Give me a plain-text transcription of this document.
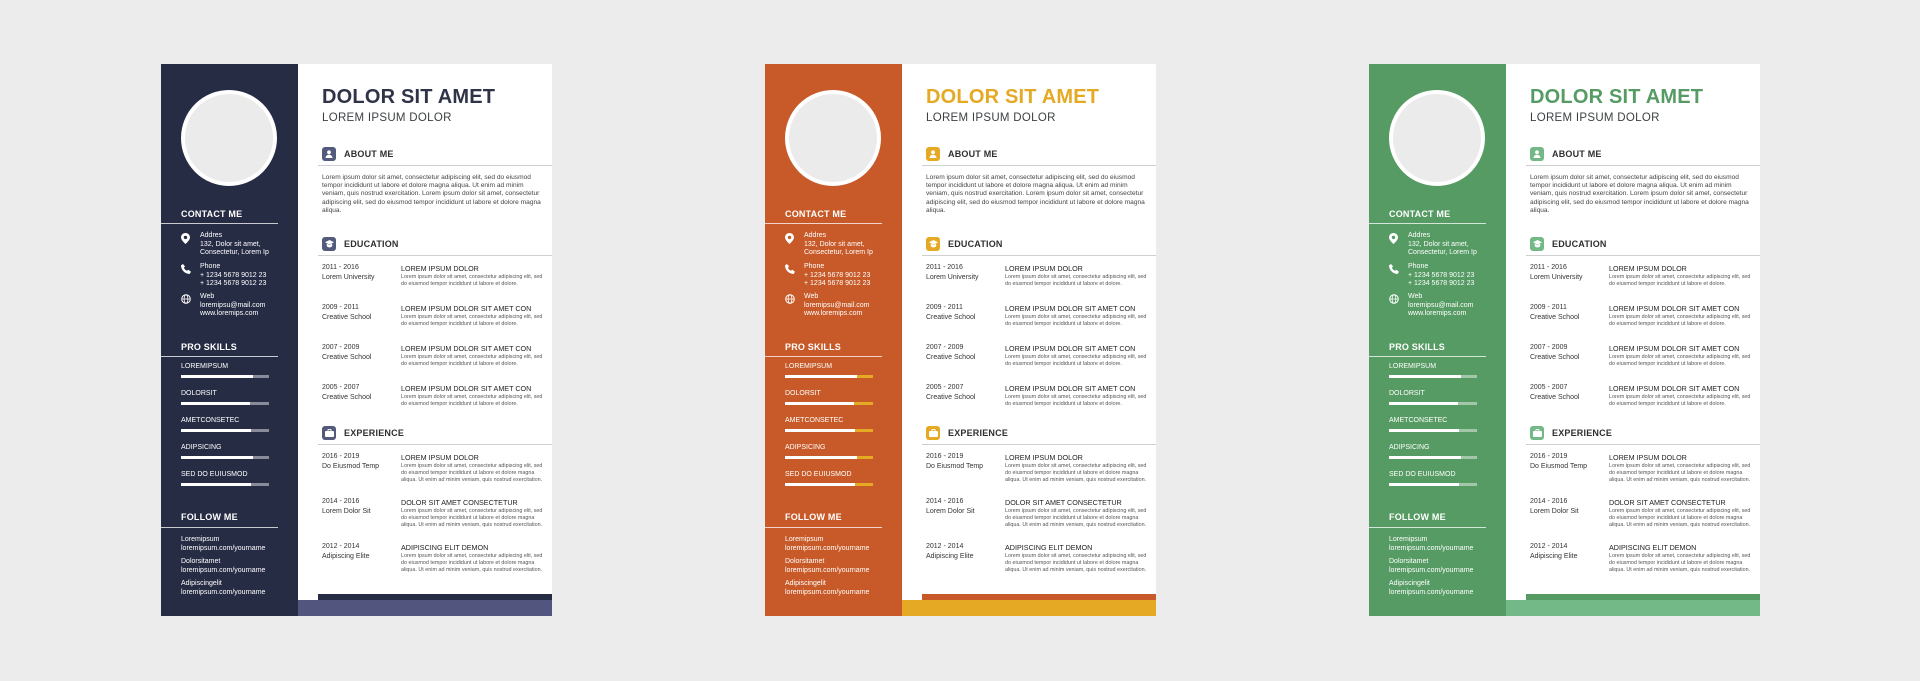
CONTACT ME
Addres
132, Dolor sit amet,
Consectetur, Lorem Ip
Phone
+ 1234 5678 9012 23
+ 1234 5678 9012 23
Web
loremipsu@mail.com
www.loremips.com
PRO SKILLS
LOREMIPSUM
DOLORSIT
AMETCONSETEC
ADIPSICING
SED DO EUIUSMOD
FOLLOW ME
Loremipsum
loremipsum.com/yourname
Dolorsitamet
loremipsum.com/yourname
Adipiscingelit
loremipsum.com/yourname
DOLOR SIT AMET
LOREM IPSUM DOLOR
ABOUT ME
Lorem ipsum dolor sit amet, consectetur adipiscing elit, sed do eiusmod tempor incididunt ut labore et dolore magna aliqua. Ut enim ad minim veniam, quis nostrud exercitation. Lorem ipsum dolor sit amet, consectetur adipiscing elit, sed do eiusmod tempor incididunt ut labore et dolore magna aliqua.
EDUCATION
2011 - 2016
Lorem University
LOREM IPSUM DOLOR
Lorem ipsum dolor sit amet, consectetur adipiscing elit, sed do eiusmod tempor incididunt ut labore et dolore.
2009 - 2011
Creative School
LOREM IPSUM DOLOR SIT AMET CON
Lorem ipsum dolor sit amet, consectetur adipiscing elit, sed do eiusmod tempor incididunt ut labore et dolore.
2007 - 2009
Creative School
LOREM IPSUM DOLOR SIT AMET CON
Lorem ipsum dolor sit amet, consectetur adipiscing elit, sed do eiusmod tempor incididunt ut labore et dolore.
2005 - 2007
Creative School
LOREM IPSUM DOLOR SIT AMET CON
Lorem ipsum dolor sit amet, consectetur adipiscing elit, sed do eiusmod tempor incididunt ut labore et dolore.
EXPERIENCE
2016 - 2019
Do Eiusmod Temp
LOREM IPSUM DOLOR
Lorem ipsum dolor sit amet, consectetur adipiscing elit, sed do eiusmod tempor incididunt ut labore et dolore magna aliqua. Ut enim ad minim veniam, quis nostrud exercitation.
2014 - 2016
Lorem Dolor Sit
DOLOR SIT AMET CONSECTETUR
Lorem ipsum dolor sit amet, consectetur adipiscing elit, sed do eiusmod tempor incididunt ut labore et dolore magna aliqua. Ut enim ad minim veniam, quis nostrud exercitation.
2012 - 2014
Adipiscing Elite
ADIPISCING ELIT DEMON
Lorem ipsum dolor sit amet, consectetur adipiscing elit, sed do eiusmod tempor incididunt ut labore et dolore magna aliqua. Ut enim ad minim veniam, quis nostrud exercitation.
CONTACT ME
Addres
132, Dolor sit amet,
Consectetur, Lorem Ip
Phone
+ 1234 5678 9012 23
+ 1234 5678 9012 23
Web
loremipsu@mail.com
www.loremips.com
PRO SKILLS
LOREMIPSUM
DOLORSIT
AMETCONSETEC
ADIPSICING
SED DO EUIUSMOD
FOLLOW ME
Loremipsum
loremipsum.com/yourname
Dolorsitamet
loremipsum.com/yourname
Adipiscingelit
loremipsum.com/yourname
DOLOR SIT AMET
LOREM IPSUM DOLOR
ABOUT ME
Lorem ipsum dolor sit amet, consectetur adipiscing elit, sed do eiusmod tempor incididunt ut labore et dolore magna aliqua. Ut enim ad minim veniam, quis nostrud exercitation. Lorem ipsum dolor sit amet, consectetur adipiscing elit, sed do eiusmod tempor incididunt ut labore et dolore magna aliqua.
EDUCATION
2011 - 2016
Lorem University
LOREM IPSUM DOLOR
Lorem ipsum dolor sit amet, consectetur adipiscing elit, sed do eiusmod tempor incididunt ut labore et dolore.
2009 - 2011
Creative School
LOREM IPSUM DOLOR SIT AMET CON
Lorem ipsum dolor sit amet, consectetur adipiscing elit, sed do eiusmod tempor incididunt ut labore et dolore.
2007 - 2009
Creative School
LOREM IPSUM DOLOR SIT AMET CON
Lorem ipsum dolor sit amet, consectetur adipiscing elit, sed do eiusmod tempor incididunt ut labore et dolore.
2005 - 2007
Creative School
LOREM IPSUM DOLOR SIT AMET CON
Lorem ipsum dolor sit amet, consectetur adipiscing elit, sed do eiusmod tempor incididunt ut labore et dolore.
EXPERIENCE
2016 - 2019
Do Eiusmod Temp
LOREM IPSUM DOLOR
Lorem ipsum dolor sit amet, consectetur adipiscing elit, sed do eiusmod tempor incididunt ut labore et dolore magna aliqua. Ut enim ad minim veniam, quis nostrud exercitation.
2014 - 2016
Lorem Dolor Sit
DOLOR SIT AMET CONSECTETUR
Lorem ipsum dolor sit amet, consectetur adipiscing elit, sed do eiusmod tempor incididunt ut labore et dolore magna aliqua. Ut enim ad minim veniam, quis nostrud exercitation.
2012 - 2014
Adipiscing Elite
ADIPISCING ELIT DEMON
Lorem ipsum dolor sit amet, consectetur adipiscing elit, sed do eiusmod tempor incididunt ut labore et dolore magna aliqua. Ut enim ad minim veniam, quis nostrud exercitation.
CONTACT ME
Addres
132, Dolor sit amet,
Consectetur, Lorem Ip
Phone
+ 1234 5678 9012 23
+ 1234 5678 9012 23
Web
loremipsu@mail.com
www.loremips.com
PRO SKILLS
LOREMIPSUM
DOLORSIT
AMETCONSETEC
ADIPSICING
SED DO EUIUSMOD
FOLLOW ME
Loremipsum
loremipsum.com/yourname
Dolorsitamet
loremipsum.com/yourname
Adipiscingelit
loremipsum.com/yourname
DOLOR SIT AMET
LOREM IPSUM DOLOR
ABOUT ME
Lorem ipsum dolor sit amet, consectetur adipiscing elit, sed do eiusmod tempor incididunt ut labore et dolore magna aliqua. Ut enim ad minim veniam, quis nostrud exercitation. Lorem ipsum dolor sit amet, consectetur adipiscing elit, sed do eiusmod tempor incididunt ut labore et dolore magna aliqua.
EDUCATION
2011 - 2016
Lorem University
LOREM IPSUM DOLOR
Lorem ipsum dolor sit amet, consectetur adipiscing elit, sed do eiusmod tempor incididunt ut labore et dolore.
2009 - 2011
Creative School
LOREM IPSUM DOLOR SIT AMET CON
Lorem ipsum dolor sit amet, consectetur adipiscing elit, sed do eiusmod tempor incididunt ut labore et dolore.
2007 - 2009
Creative School
LOREM IPSUM DOLOR SIT AMET CON
Lorem ipsum dolor sit amet, consectetur adipiscing elit, sed do eiusmod tempor incididunt ut labore et dolore.
2005 - 2007
Creative School
LOREM IPSUM DOLOR SIT AMET CON
Lorem ipsum dolor sit amet, consectetur adipiscing elit, sed do eiusmod tempor incididunt ut labore et dolore.
EXPERIENCE
2016 - 2019
Do Eiusmod Temp
LOREM IPSUM DOLOR
Lorem ipsum dolor sit amet, consectetur adipiscing elit, sed do eiusmod tempor incididunt ut labore et dolore magna aliqua. Ut enim ad minim veniam, quis nostrud exercitation.
2014 - 2016
Lorem Dolor Sit
DOLOR SIT AMET CONSECTETUR
Lorem ipsum dolor sit amet, consectetur adipiscing elit, sed do eiusmod tempor incididunt ut labore et dolore magna aliqua. Ut enim ad minim veniam, quis nostrud exercitation.
2012 - 2014
Adipiscing Elite
ADIPISCING ELIT DEMON
Lorem ipsum dolor sit amet, consectetur adipiscing elit, sed do eiusmod tempor incididunt ut labore et dolore magna aliqua. Ut enim ad minim veniam, quis nostrud exercitation.
